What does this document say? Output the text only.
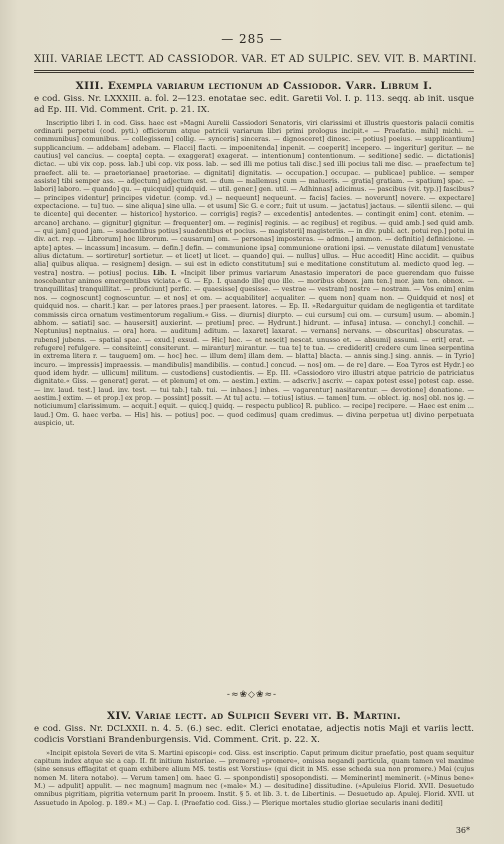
— 285 —
XIII. VARIAE LECTT. AD CASSIODOR. VAR. ET AD SULPIC. SEV. VIT. B. MARTINI.

XIII. Exempla variarum lectionum ad Cassiodor. Varr. Librum I.

e cod. Giss. Nr. LXXXIII. a. fol. 2—123. enotatae sec. edit. Garetii Vol. I. p. 113. seqq. ab init. usque ad Ep. III. Vid. Comment. Crit. p. 21. IX.

Inscriptio libri I. in cod. Giss. haec est »Magni Aurelii Cassiodori Senatoris, viri clarissimi et illustris questoris palacii comitis ordinarii perpetui (cod. pyti.) officiorum atque patricii variarum libri primi prologus incipit.« — Praefatio. mihi] michi. — communibus] comunibus. — collegissem] collig. — synceris] sinceras. — dignosceret] dinosc. — potius] poeius. — supplicantium] supplicancium. — addebam] adebam. — Flacci] flacti. — impoenitenda] inpenit. — coeperit] incepero. — ingeritur] geritur. — ne cautius] vel cancius. — coepta] cepta. — exaggerat] exagerat. — intentionum] contentionum. — seditione] sedic. — dictationis] dictac. — ubi vix cop. poss. lab.] ubi cop. vix poss. lab. — sed illi me potius tali disc.] sed illi pocius tali me disc. — praefectum te] praefect. alii te. — praetorianae] praetoriae. — dignitati] dignitatis. — occupation.] occupac. — publicae] publice. — semper assiste] tibi semper ass. — adjectum] adjectum est. — dum — mallemus] cum — malueris. — gratia] gratiam. — spatium] spac. — labori] laboro. — quando] qu. — quicquid] quidquid. — util. gener.] gen. util. — Adhinnas] adicimus. — pascibus (vit. typ.)] fascibus? — principes videntur] principes videtur. (comp. vd.) — nequeunt] nequeunt. — facis] facies. — noverunt] novere. — expectare] expectacione. — tu] tuo. — sine aliqua] sine ulla. — et usum] Sic G. e corr.; fuit ut usum. — jactatus] jactaus. — silentii silenc. — qui te dicente] qui decenter. — historico] hystorico. — corrigis] regis? — excedentis] antedentes. — contingit enim] cont. etenim. — arcano] archano. — gignitur] gignitur. — frequenter] om. — reginis] reginis. — ac regibus] et regibus. — quid amb.] sed quid amb. — qui jam] quod jam. — suadentibus potius] suadentibus et pocius. — magisterii] magisteriis. — in div. publ. act. potui rep.] potui in div. act. rep. — Librorum] hoc librorum. — causarum] om. — personas] imposteras. — admon.] ammon. — definitio] definicione. — apte] aptes. — incassum] incasum. — defin.] defin. — communione ipsa] communione orationi ipsi. — venustate dilatum] venustate alius dictatum. — sortiretur] sortietur. — et licet] ut licet. — quando] qui. — nullus] ullus. — Huc accedit] Hinc accidit. — quibus alia] quibus aliqua. — resignem] design. — sui est in edicto constitutum] sui e meditatione constitutum al. medicto quod leg. — vestra] nostra. — potius] pocius. Lib. I. »Incipit liber primus variarum Anastasio imperatori de pace guerendam quo fuisse noscebantur animos emergentibus viciata.« G. — Ep. I. quando ille] quo ille. — moribus obnox. jam ten.] mor. jam ten. obnox. — tranquillitas] tranquillitat. — proficiunt] perfic. — quaesisse] quesisse. — vestrae — vestram] nostre — nostram. — Vos enim] enim nos. — cognoscunt] cognoscuntur. — et nos] et om. — acquabiliter] acqualiter. — quem non] quam non. — Quidquid et nos] et quidquid nos. — charit.] kar. — per latores praes.] per praesent. latores. — Ep. II. »Redarguitur quidam de negligentia et tarditate commissis circa ornatum vestimentorum regalium.« Giss. — diurnis] diurpto. — cui cursum] cui om. — cursum] usum. — abomin.] abhom. — satiati] sac. — hausersit] auxierint. — pretium] prec. — Hydrunt.] hidrunt. — infusa] intusa. — conchyl.] conchil. — Neptunius] neptnaius. — ora] hora. — auditum] aditum. — laxaret] laxarat. — vernans] nervans. — obscuritas] obscuratas. — rubens] jubens. — spatial spac. — exud.] exsud. — Hic] hec. — et nescit] nescat. unusso et. — absumi] assumi. — erit] erat. — refugere] refulgere. — consiteint] consiterunt. — mirantur] mirantur. — tua te] te tua. — crediderit] credere cum linea serpentina in extrema litera r. — tauguem] om. — hoc] hec. — illum dem] illam dem. — blatta] blacta. — annis sing.] sing. annis. — in Tyrio] incuro. — impressis] impraessis. — mandibulis] mandibilis. — contud.] concud. — nos] om. — de re] dare. — Eoa Tyros est Hydr.] eo quod idem hydr. — ullicum] militum. — custodiens] custodientis. — Ep. III. »Cassiodoro viro illustri atque patricio de patriciatus dignitate.« Giss. — generat] gerat. — et plenum] et om. — aestim.] extim. — adscriv.] ascriv. — capax potest esse] potest cap. esse. — inv. laud. test.] laud. inv. test. — tui tab.] tab. tui. — inhaes.] inhes. — vagarentur] nasitarentur. — devotione] donatione. — aestim.] extim. — et prop.] ex prop. — possint] possit. — At tu] actu. — totius] istius. — tamen] tum. — oblect. ig. nos] obl. nos ig. — noticiumum] clarissimum. — acquit.] equit. — quicq.] quidq. — respectu publico] R. publico. — recipe] recipere. — Haec est enim ... laud.] Om. G. haec verba. — His] his. — potius] poc. — quod cedimus] quam credimus. — divina perpetua ut] divino perpetuata auspicio, ut.

-≈❀◇❀≈-

XIV. Variae lectt. ad Sulpicii Severi vit. B. Martini.

e cod. Giss. Nr. DCLXXII. n. 4. 5. (6.) sec. edit. Clerici enotatae, adjectis notis Maji et variis lectt. codicis Vorstiani Brandenburgensis. Vid. Comment. Crit. p. 22. X.

»Incipit epistola Severi de vita S. Martini episcopi« cod. Giss. est inscriptio. Caput primum dicitur praefatio, post quam sequitur capitum index atque sic a cap. II. fit initium historiae. — premere] »promere«, omissa negandi particula, quam tamen vel maxime (sine sensus efflagitat et quam exhibere alium MS. testis est Vorstius« (qui dicit in MS. esse scheda sua non promere.) Mai (cujus nomen M. litera notabo). — Verum tamen] om. haec G. — sponpondisti] sposopondisti. — Meminerint] meminerit. (»Minus bene« M.) — adpulit] appulit. — nec magnum] magnum nec (»male« M.) — desitudine] dissitudine. (»Apuleius Florid. XVII. Desuetudo omnibus pigritiam, pigritia veternum parit In prooem. Instit. § 5. et lib. 3. t. de Libertinis. — Desuetudo ap. Apulej. Florid. XVII. ut Assuetudo in Apolog. p. 189.« M.) — Cap. I. (Praefatio cod. Giss.) — Plerique mortales studio gloriae secularis inani dediti]

36*
